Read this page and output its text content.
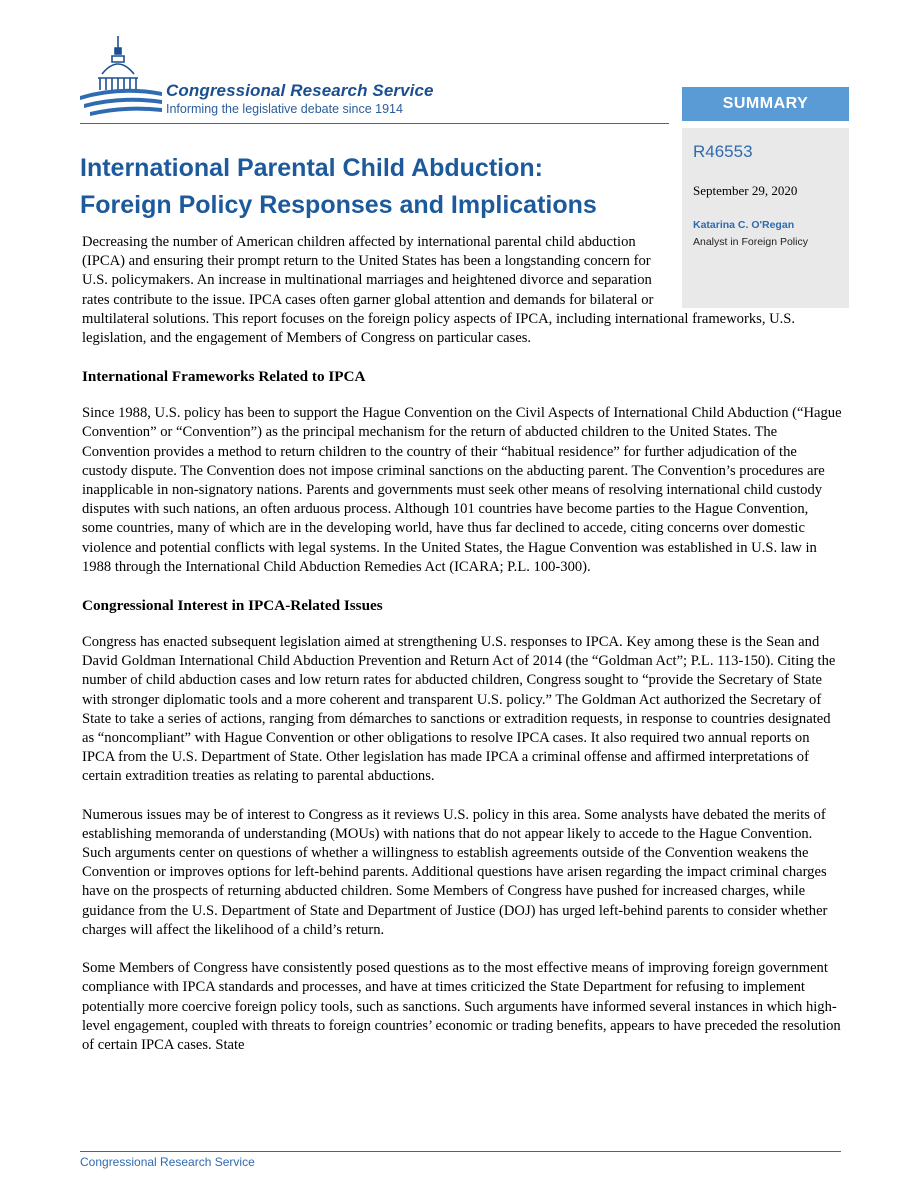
Congressional Research Service
Informing the legislative debate since 1914	SUMMARY
R46553
September 29, 2020
Katarina C. O'Regan
Analyst in Foreign Policy
International Parental Child Abduction:
Foreign Policy Responses and Implications

Decreasing the number of American children affected by international parental child abduction (IPCA) and ensuring their prompt return to the United States has been a longstanding concern for U.S. policymakers. An increase in multinational marriages and heightened divorce and separation rates contribute to the issue. IPCA cases often garner global attention and demands for bilateral or multilateral solutions. This report focuses on the foreign policy aspects of IPCA, including international frameworks, U.S. legislation, and the engagement of Members of Congress on particular cases.

International Frameworks Related to IPCA

Since 1988, U.S. policy has been to support the Hague Convention on the Civil Aspects of International Child Abduction (“Hague Convention” or “Convention”) as the principal mechanism for the return of abducted children to the United States. The Convention provides a method to return children to the country of their “habitual residence” for further adjudication of the custody dispute. The Convention does not impose criminal sanctions on the abducting parent. The Convention’s procedures are inapplicable in non-signatory nations. Parents and governments must seek other means of resolving international child custody disputes with such nations, an often arduous process. Although 101 countries have become parties to the Hague Convention, some countries, many of which are in the developing world, have thus far declined to accede, citing concerns over domestic violence and potential conflicts with legal systems. In the United States, the Hague Convention was established in U.S. law in 1988 through the International Child Abduction Remedies Act (ICARA; P.L. 100-300).

Congressional Interest in IPCA-Related Issues

Congress has enacted subsequent legislation aimed at strengthening U.S. responses to IPCA. Key among these is the Sean and David Goldman International Child Abduction Prevention and Return Act of 2014 (the “Goldman Act”; P.L. 113-150). Citing the number of child abduction cases and low return rates for abducted children, Congress sought to “provide the Secretary of State with stronger diplomatic tools and a more coherent and transparent U.S. policy.” The Goldman Act authorized the Secretary of State to take a series of actions, ranging from démarches to sanctions or extradition requests, in response to countries designated as “noncompliant” with Hague Convention or other obligations to resolve IPCA cases. It also required two annual reports on IPCA from the U.S. Department of State. Other legislation has made IPCA a criminal offense and affirmed interpretations of certain extradition treaties as relating to parental abductions.

Numerous issues may be of interest to Congress as it reviews U.S. policy in this area. Some analysts have debated the merits of establishing memoranda of understanding (MOUs) with nations that do not appear likely to accede to the Hague Convention. Such arguments center on questions of whether a willingness to establish agreements outside of the Convention weakens the Convention or improves options for left-behind parents. Additional questions have arisen regarding the impact criminal charges have on the prospects of returning abducted children. Some Members of Congress have pushed for increased charges, while guidance from the U.S. Department of State and Department of Justice (DOJ) has urged left-behind parents to consider whether charges will affect the likelihood of a child’s return.

Some Members of Congress have consistently posed questions as to the most effective means of improving foreign government compliance with IPCA standards and processes, and have at times criticized the State Department for refusing to implement potentially more coercive foreign policy tools, such as sanctions. Such arguments have informed several instances in which high-level engagement, coupled with threats to foreign countries’ economic or trading benefits, appears to have preceded the resolution of certain IPCA cases. State

Congressional Research Service
